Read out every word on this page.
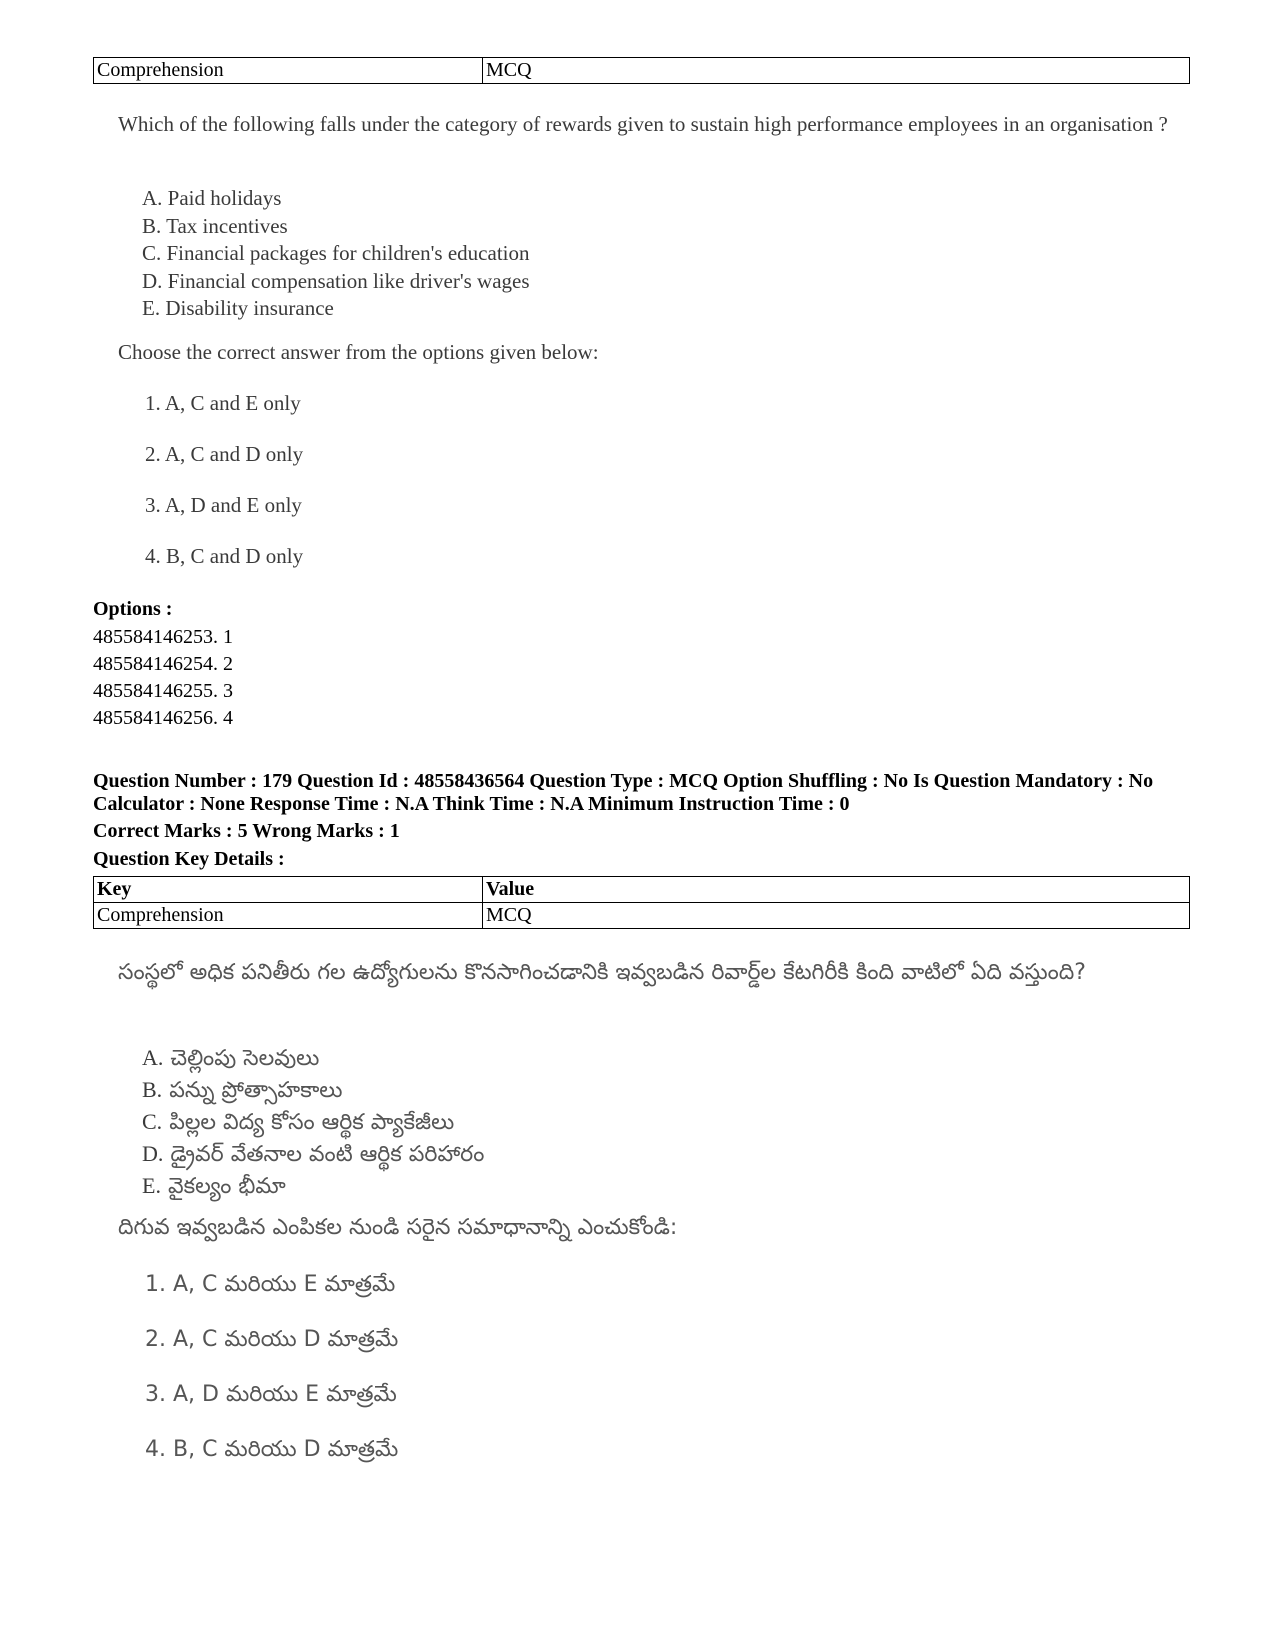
Comprehension	MCQ
Which of the following falls under the category of rewards given to sustain high performance employees in an organisation ?
A. Paid holidays
B. Tax incentives
C. Financial packages for children's education
D. Financial compensation like driver's wages
E. Disability insurance
Choose the correct answer from the options given below:
1. A, C and E only
2. A, C and D only
3. A, D and E only
4. B, C and D only
Options :
485584146253. 1
485584146254. 2
485584146255. 3
485584146256. 4
Question Number : 179 Question Id : 48558436564 Question Type : MCQ Option Shuffling : No Is Question Mandatory : No Calculator : None Response Time : N.A Think Time : N.A Minimum Instruction Time : 0
Correct Marks : 5 Wrong Marks : 1
Question Key Details :
Key	Value
Comprehension	MCQ
సంస్థలో అధిక పనితీరు గల ఉద్యోగులను కొనసాగించడానికి ఇవ్వబడిన రివార్డ్‌ల కేటగిరీకి కింది వాటిలో ఏది వస్తుంది?
A. చెల్లింపు సెలవులు
B. పన్ను ప్రోత్సాహకాలు
C. పిల్లల విద్య కోసం ఆర్థిక ప్యాకేజీలు
D. డ్రైవర్ వేతనాల వంటి ఆర్థిక పరిహారం
E. వైకల్యం భీమా
దిగువ ఇవ్వబడిన ఎంపికల నుండి సరైన సమాధానాన్ని ఎంచుకోండి:
1. A, C మరియు E మాత్రమే
2. A, C మరియు D మాత్రమే
3. A, D మరియు E మాత్రమే
4. B, C మరియు D మాత్రమే
